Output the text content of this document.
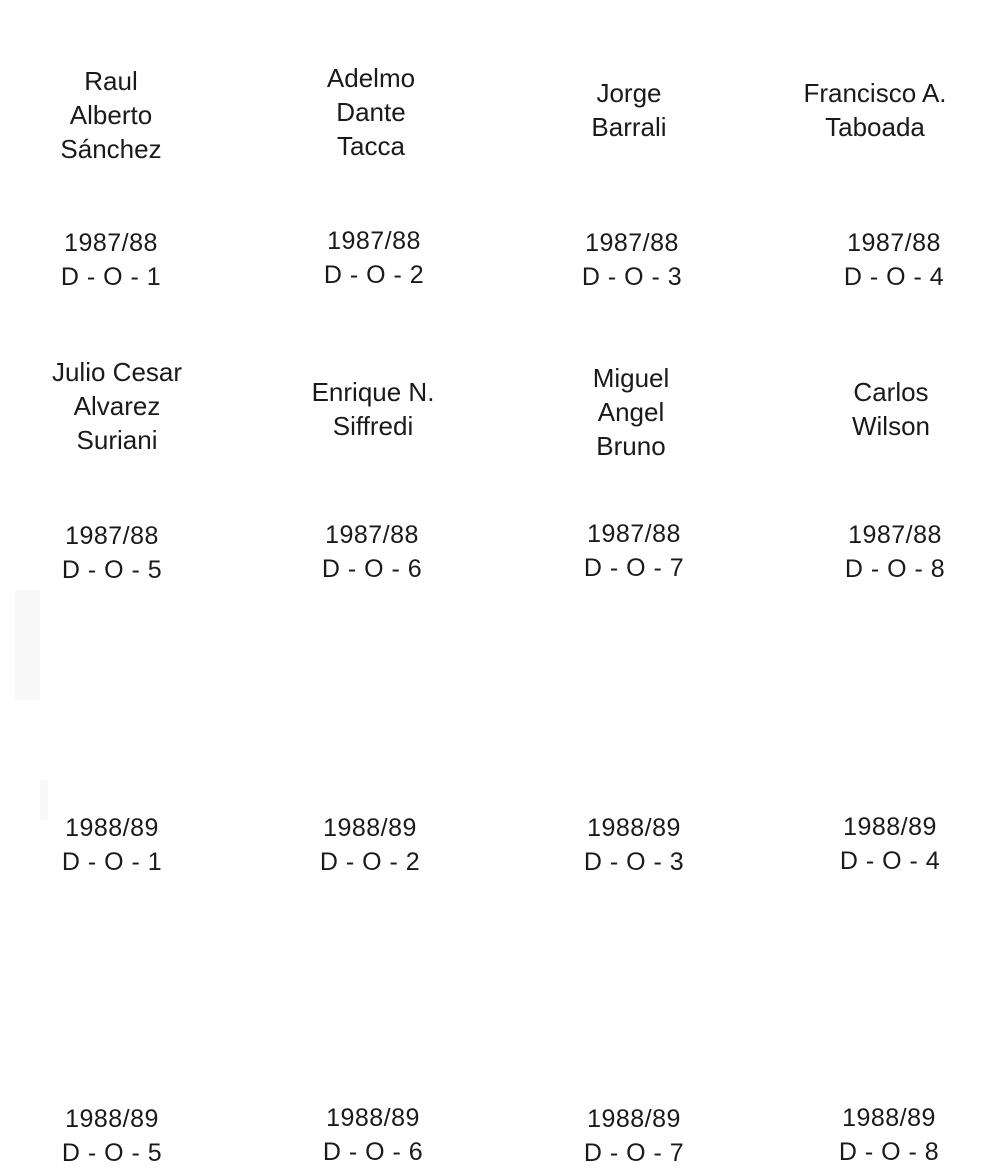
Raul
Alberto
Sánchez
Adelmo
Dante
Tacca
Jorge
Barrali
Francisco A.
Taboada
1987/88
D - O - 1
1987/88
D - O - 2
1987/88
D - O - 3
1987/88
D - O - 4
Julio Cesar
Alvarez
Suriani
Enrique N.
Siffredi
Miguel
Angel
Bruno
Carlos
Wilson
1987/88
D - O - 5
1987/88
D - O - 6
1987/88
D - O - 7
1987/88
D - O - 8
1988/89
D - O - 1
1988/89
D - O - 2
1988/89
D - O - 3
1988/89
D - O - 4
1988/89
D - O - 5
1988/89
D - O - 6
1988/89
D - O - 7
1988/89
D - O - 8
